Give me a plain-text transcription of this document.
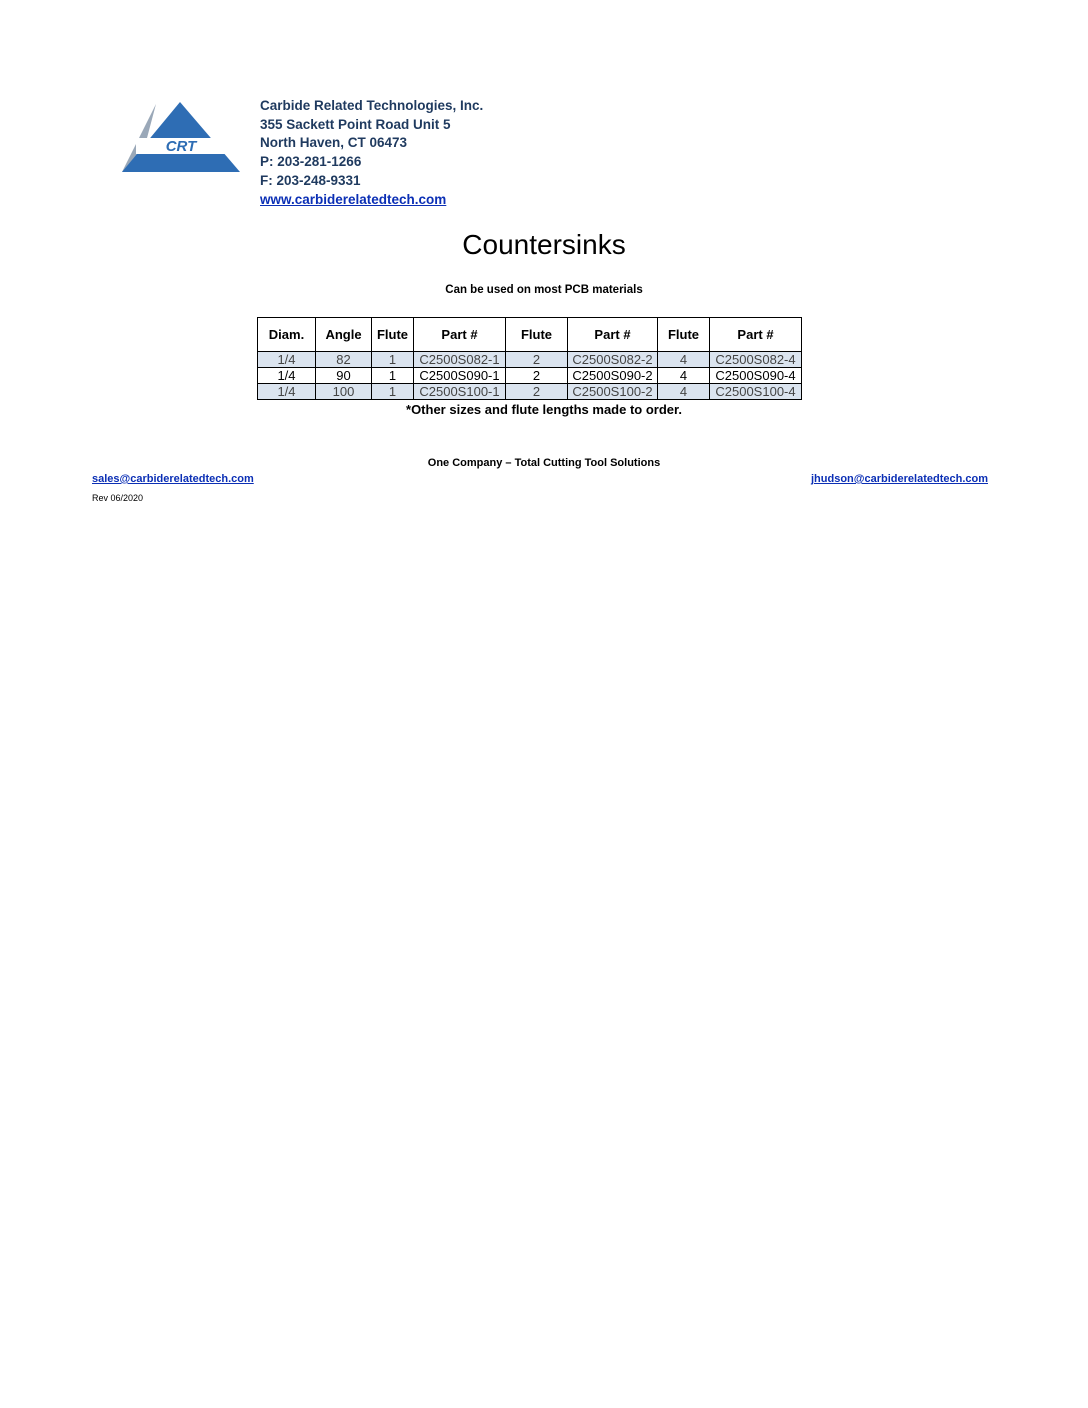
CRT
Carbide Related Technologies, Inc.
355 Sackett Point Road Unit 5
North Haven, CT 06473
P: 203-281-1266
F: 203-248-9331
www.carbiderelatedtech.com
Countersinks
Can be used on most PCB materials
Diam.	Angle	Flute	Part #	Flute	Part #	Flute	Part #
1/4	82	1	C2500S082-1	2	C2500S082-2	4	C2500S082-4
1/4	90	1	C2500S090-1	2	C2500S090-2	4	C2500S090-4
1/4	100	1	C2500S100-1	2	C2500S100-2	4	C2500S100-4
*Other sizes and flute lengths made to order.
One Company – Total Cutting Tool Solutions
sales@carbiderelatedtech.com	jhudson@carbiderelatedtech.com
Rev 06/2020
